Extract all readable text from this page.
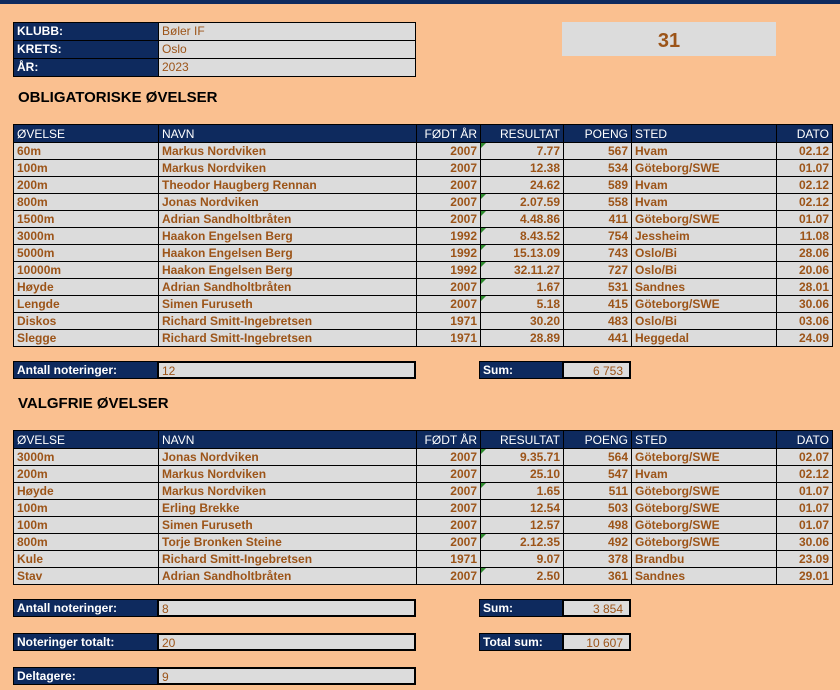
KLUBB:	Bøler IF
KRETS:	Oslo
ÅR:	2023
31
OBLIGATORISKE ØVELSER
ØVELSE	NAVN	FØDT ÅR	RESULTAT	POENG	STED	DATO
60m	Markus Nordviken	2007	7.77	567	Hvam	02.12
100m	Markus Nordviken	2007	12.38	534	Göteborg/SWE	01.07
200m	Theodor Haugberg Rennan	2007	24.62	589	Hvam	02.12
800m	Jonas Nordviken	2007	2.07.59	558	Hvam	02.12
1500m	Adrian Sandholtbråten	2007	4.48.86	411	Göteborg/SWE	01.07
3000m	Haakon Engelsen Berg	1992	8.43.52	754	Jessheim	11.08
5000m	Haakon Engelsen Berg	1992	15.13.09	743	Oslo/Bi	28.06
10000m	Haakon Engelsen Berg	1992	32.11.27	727	Oslo/Bi	20.06
Høyde	Adrian Sandholtbråten	2007	1.67	531	Sandnes	28.01
Lengde	Simen Furuseth	2007	5.18	415	Göteborg/SWE	30.06
Diskos	Richard Smitt-Ingebretsen	1971	30.20	483	Oslo/Bi	03.06
Slegge	Richard Smitt-Ingebretsen	1971	28.89	441	Heggedal	24.09
Antall noteringer:	12	Sum:	6 753
VALGFRIE ØVELSER
ØVELSE	NAVN	FØDT ÅR	RESULTAT	POENG	STED	DATO
3000m	Jonas Nordviken	2007	9.35.71	564	Göteborg/SWE	02.07
200m	Markus Nordviken	2007	25.10	547	Hvam	02.12
Høyde	Markus Nordviken	2007	1.65	511	Göteborg/SWE	01.07
100m	Erling Brekke	2007	12.54	503	Göteborg/SWE	01.07
100m	Simen Furuseth	2007	12.57	498	Göteborg/SWE	01.07
800m	Torje Bronken Steine	2007	2.12.35	492	Göteborg/SWE	30.06
Kule	Richard Smitt-Ingebretsen	1971	9.07	378	Brandbu	23.09
Stav	Adrian Sandholtbråten	2007	2.50	361	Sandnes	29.01
Antall noteringer:	8	Sum:	3 854
Noteringer totalt:	20	Total sum:	10 607
Deltagere:	9
